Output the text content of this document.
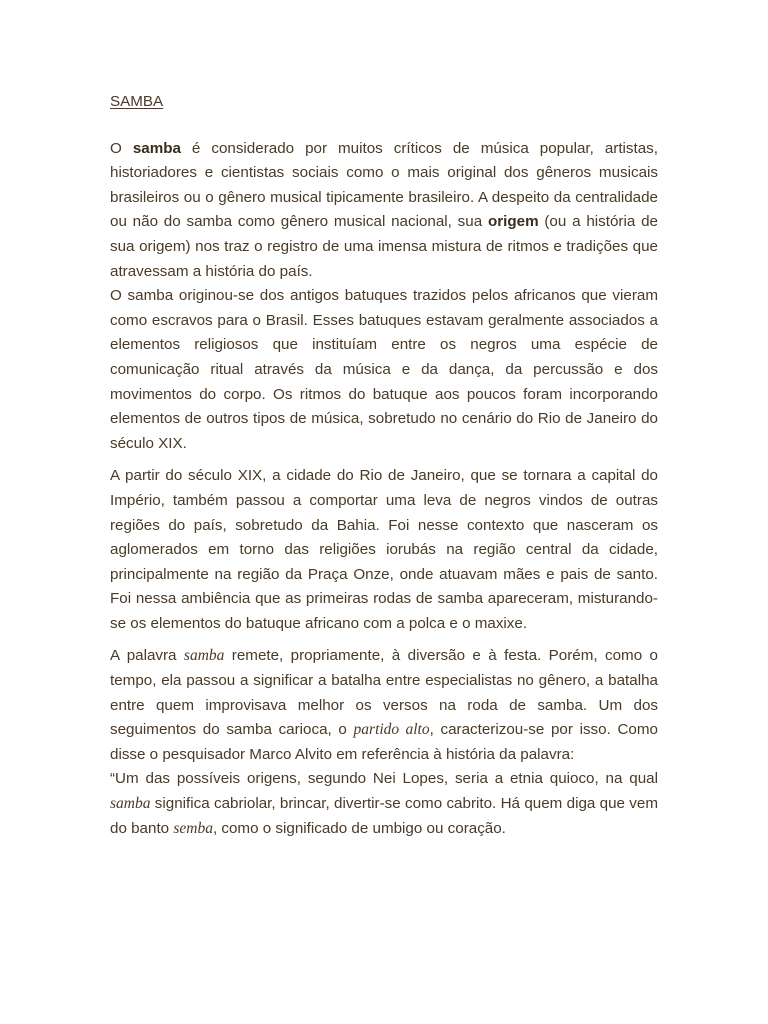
SAMBA

O samba é considerado por muitos críticos de música popular, artistas, historiadores e cientistas sociais como o mais original dos gêneros musicais brasileiros ou o gênero musical tipicamente brasileiro. A despeito da centralidade ou não do samba como gênero musical nacional, sua origem (ou a história de sua origem) nos traz o registro de uma imensa mistura de ritmos e tradições que atravessam a história do país.

O samba originou-se dos antigos batuques trazidos pelos africanos que vieram como escravos para o Brasil. Esses batuques estavam geralmente associados a elementos religiosos que instituíam entre os negros uma espécie de comunicação ritual através da música e da dança, da percussão e dos movimentos do corpo. Os ritmos do batuque aos poucos foram incorporando elementos de outros tipos de música, sobretudo no cenário do Rio de Janeiro do século XIX.

A partir do século XIX, a cidade do Rio de Janeiro, que se tornara a capital do Império, também passou a comportar uma leva de negros vindos de outras regiões do país, sobretudo da Bahia. Foi nesse contexto que nasceram os aglomerados em torno das religiões iorubás na região central da cidade, principalmente na região da Praça Onze, onde atuavam mães e pais de santo. Foi nessa ambiência que as primeiras rodas de samba apareceram, misturando-se os elementos do batuque africano com a polca e o maxixe.

A palavra samba remete, propriamente, à diversão e à festa. Porém, como o tempo, ela passou a significar a batalha entre especialistas no gênero, a batalha entre quem improvisava melhor os versos na roda de samba. Um dos seguimentos do samba carioca, o partido alto, caracterizou-se por isso. Como disse o pesquisador Marco Alvito em referência à história da palavra:

“Um das possíveis origens, segundo Nei Lopes, seria a etnia quioco, na qual samba significa cabriolar, brincar, divertir-se como cabrito. Há quem diga que vem do banto semba, como o significado de umbigo ou coração.
